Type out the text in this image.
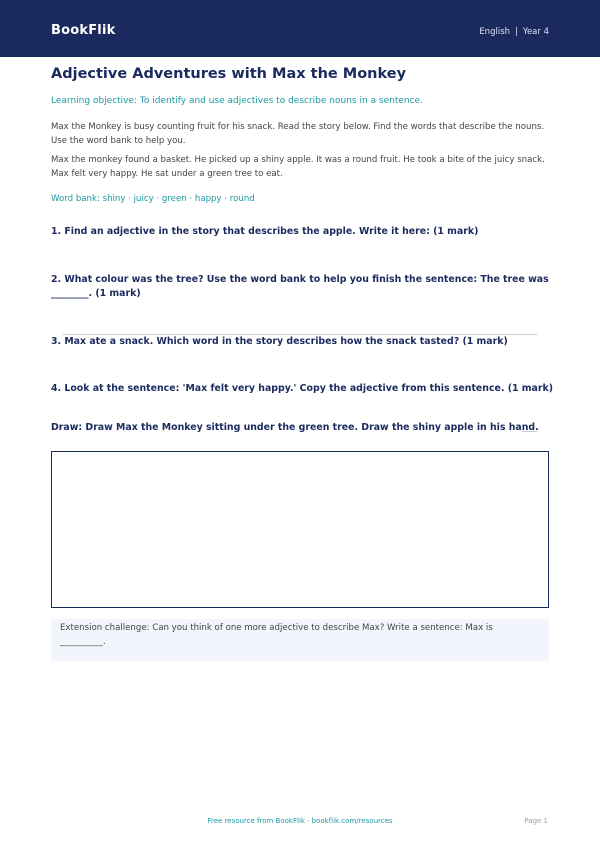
BookFlik	English | Year 4
Adjective Adventures with Max the Monkey
Learning objective: To identify and use adjectives to describe nouns in a sentence.
Max the Monkey is busy counting fruit for his snack. Read the story below. Find the words that describe the nouns. Use the word bank to help you.
Max the monkey found a basket. He picked up a shiny apple. It was a round fruit. He took a bite of the juicy snack. Max felt very happy. He sat under a green tree to eat.
Word bank: shiny · juicy · green · happy · round
1. Find an adjective in the story that describes the apple. Write it here: (1 mark)
2. What colour was the tree? Use the word bank to help you finish the sentence: The tree was ________. (1 mark)
3. Max ate a snack. Which word in the story describes how the snack tasted? (1 mark)
4. Look at the sentence: 'Max felt very happy.' Copy the adjective from this sentence. (1 mark)
Draw: Draw Max the Monkey sitting under the green tree. Draw the shiny apple in his hand.
Extension challenge: Can you think of one more adjective to describe Max? Write a sentence: Max is __________.
Free resource from BookFlik · bookflik.com/resources	Page 1
